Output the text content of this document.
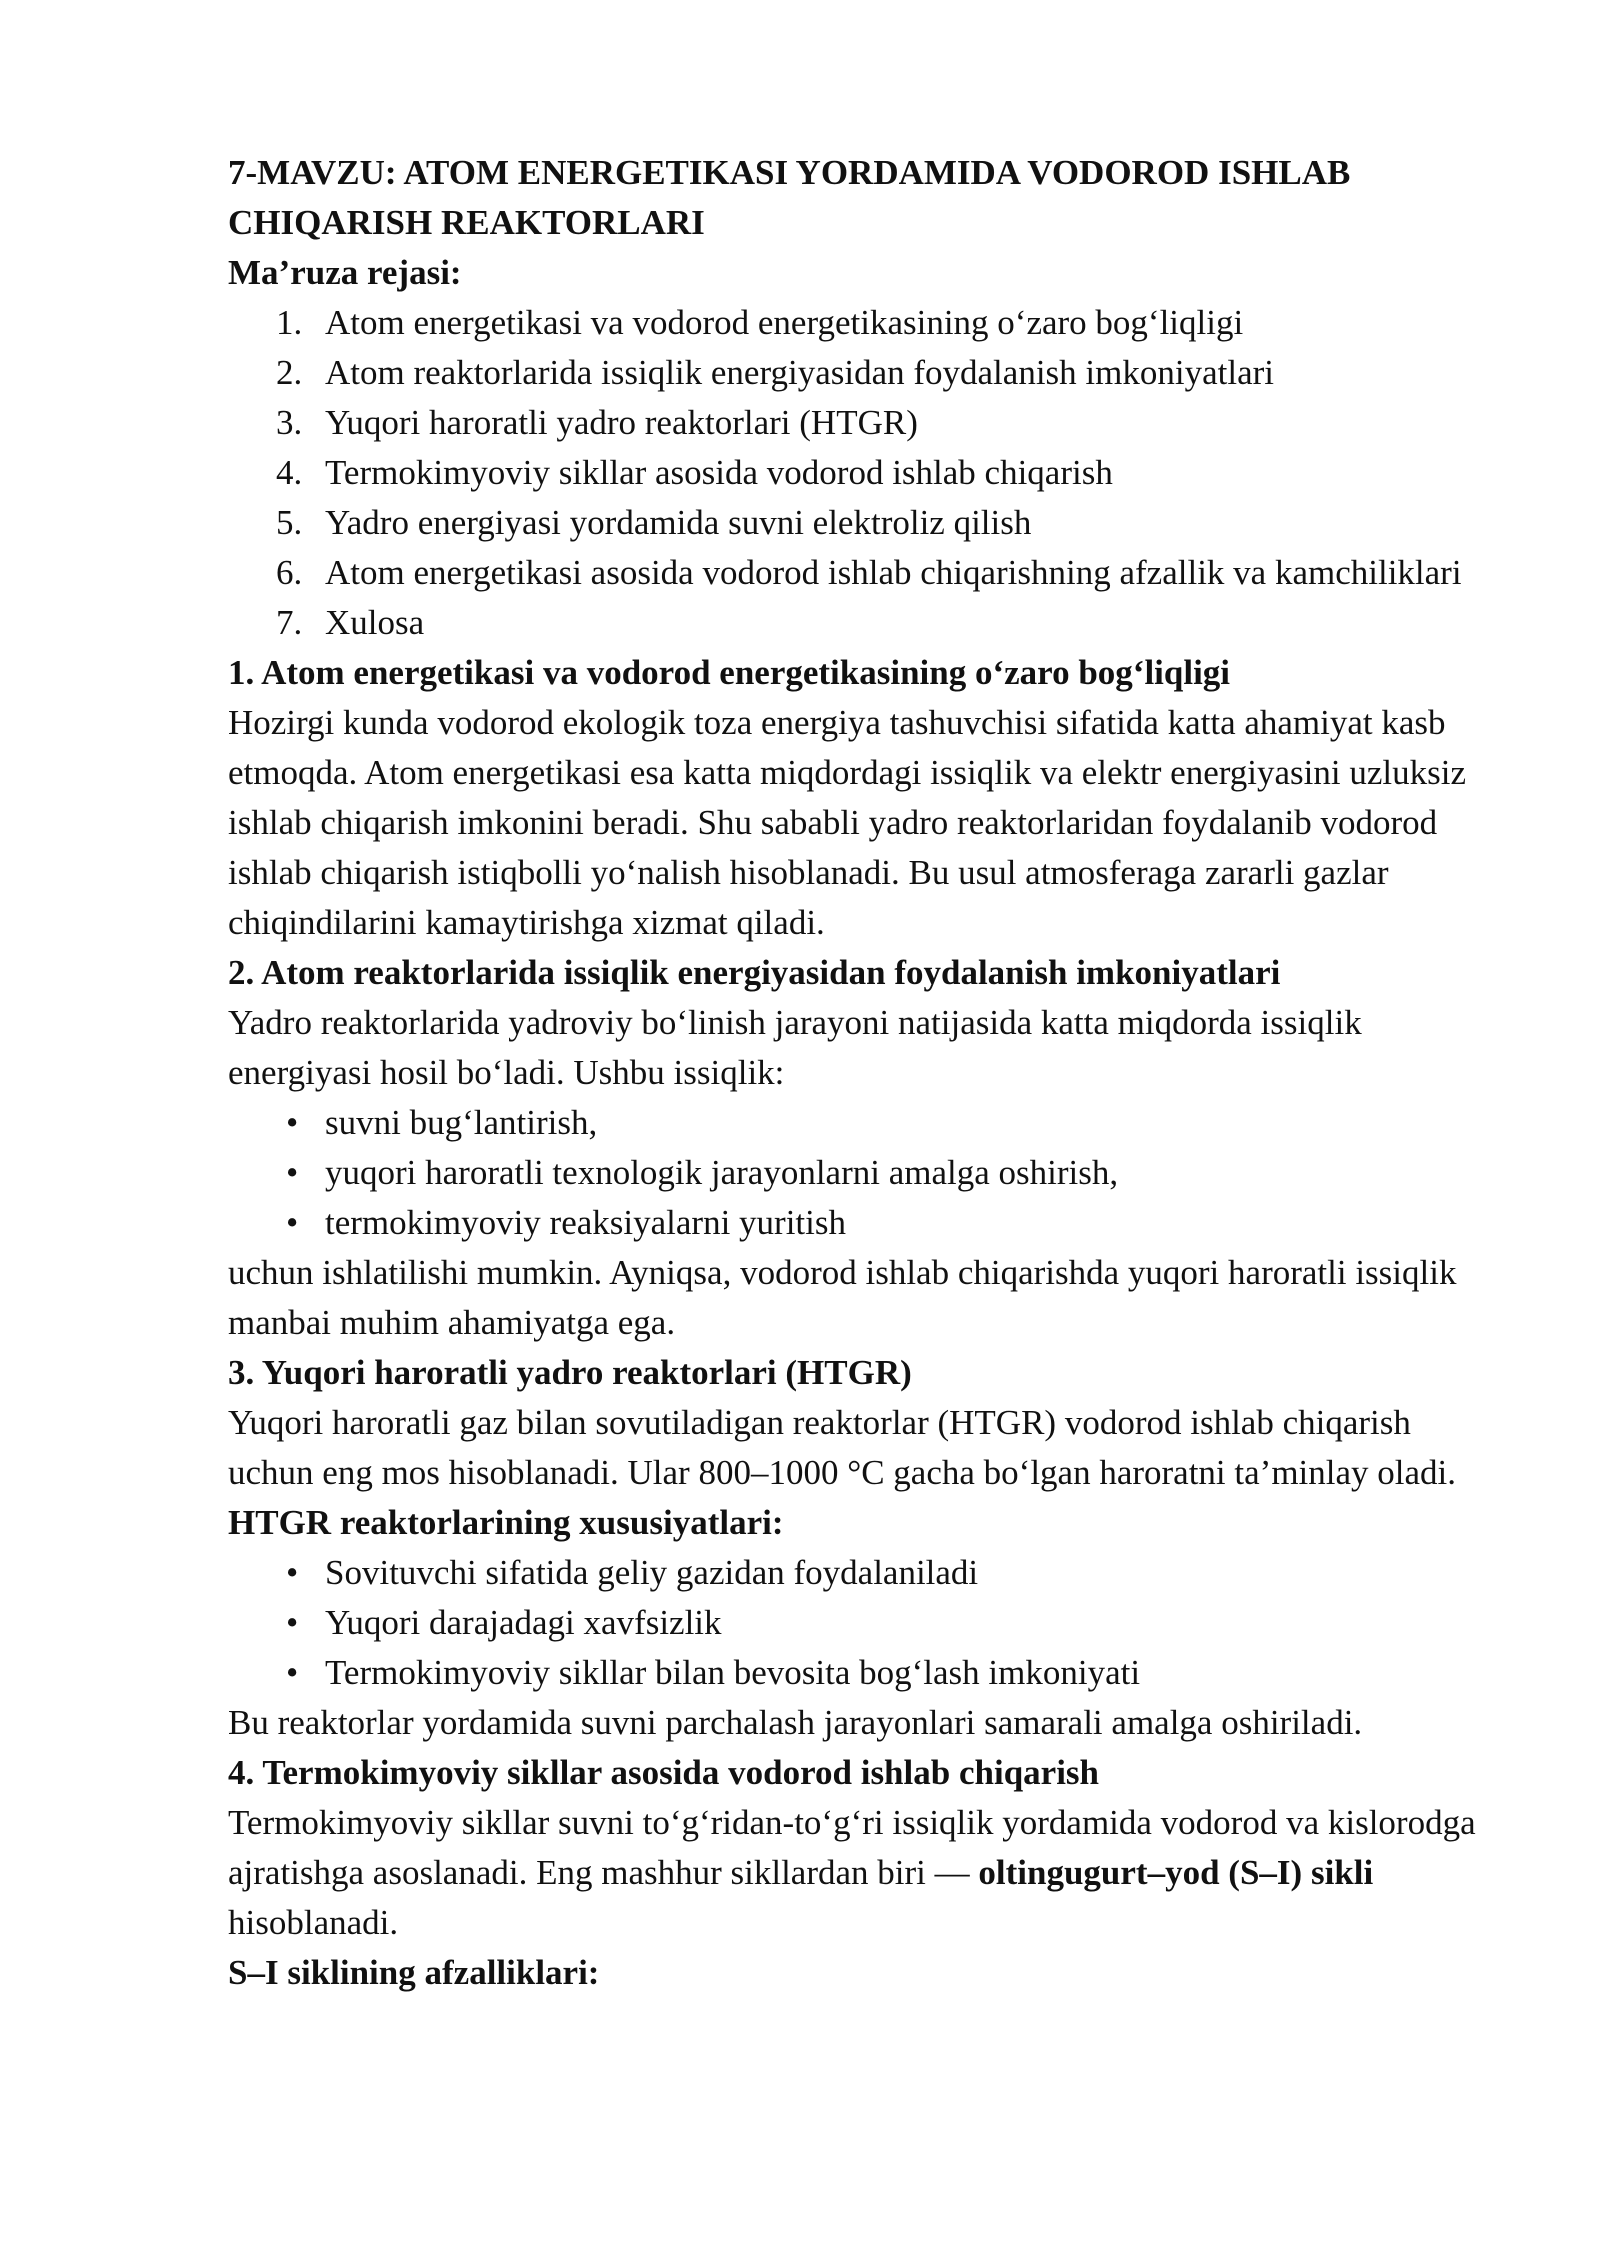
7-MAVZU: ATOM ENERGETIKASI YORDAMIDA VODOROD ISHLAB CHIQARISH REAKTORLARI

Ma’ruza rejasi:

1. Atom energetikasi va vodorod energetikasining o‘zaro bog‘liqligi
2. Atom reaktorlarida issiqlik energiyasidan foydalanish imkoniyatlari
3. Yuqori haroratli yadro reaktorlari (HTGR)
4. Termokimyoviy sikllar asosida vodorod ishlab chiqarish
5. Yadro energiyasi yordamida suvni elektroliz qilish
6. Atom energetikasi asosida vodorod ishlab chiqarishning afzallik va kamchiliklari
7. Xulosa
1. Atom energetikasi va vodorod energetikasining o‘zaro bog‘liqligi

Hozirgi kunda vodorod ekologik toza energiya tashuvchisi sifatida katta ahamiyat kasb etmoqda. Atom energetikasi esa katta miqdordagi issiqlik va elektr energiyasini uzluksiz ishlab chiqarish imkonini beradi. Shu sababli yadro reaktorlaridan foydalanib vodorod ishlab chiqarish istiqbolli yo‘nalish hisoblanadi. Bu usul atmosferaga zararli gazlar chiqindilarini kamaytirishga xizmat qiladi.

2. Atom reaktorlarida issiqlik energiyasidan foydalanish imkoniyatlari

Yadro reaktorlarida yadroviy bo‘linish jarayoni natijasida katta miqdorda issiqlik energiyasi hosil bo‘ladi. Ushbu issiqlik:

• suvni bug‘lantirish,
• yuqori haroratli texnologik jarayonlarni amalga oshirish,
• termokimyoviy reaksiyalarni yuritish

uchun ishlatilishi mumkin. Ayniqsa, vodorod ishlab chiqarishda yuqori haroratli issiqlik manbai muhim ahamiyatga ega.

3. Yuqori haroratli yadro reaktorlari (HTGR)

Yuqori haroratli gaz bilan sovutiladigan reaktorlar (HTGR) vodorod ishlab chiqarish uchun eng mos hisoblanadi. Ular 800–1000 °C gacha bo‘lgan haroratni ta’minlay oladi.

HTGR reaktorlarining xususiyatlari:
• Sovituvchi sifatida geliy gazidan foydalaniladi
• Yuqori darajadagi xavfsizlik
• Termokimyoviy sikllar bilan bevosita bog‘lash imkoniyati

Bu reaktorlar yordamida suvni parchalash jarayonlari samarali amalga oshiriladi.

4. Termokimyoviy sikllar asosida vodorod ishlab chiqarish

Termokimyoviy sikllar suvni to‘g‘ridan-to‘g‘ri issiqlik yordamida vodorod va kislorodga ajratishga asoslanadi. Eng mashhur sikllardan biri — oltingugurt–yod (S–I) sikli hisoblanadi.

S–I siklining afzalliklari:
